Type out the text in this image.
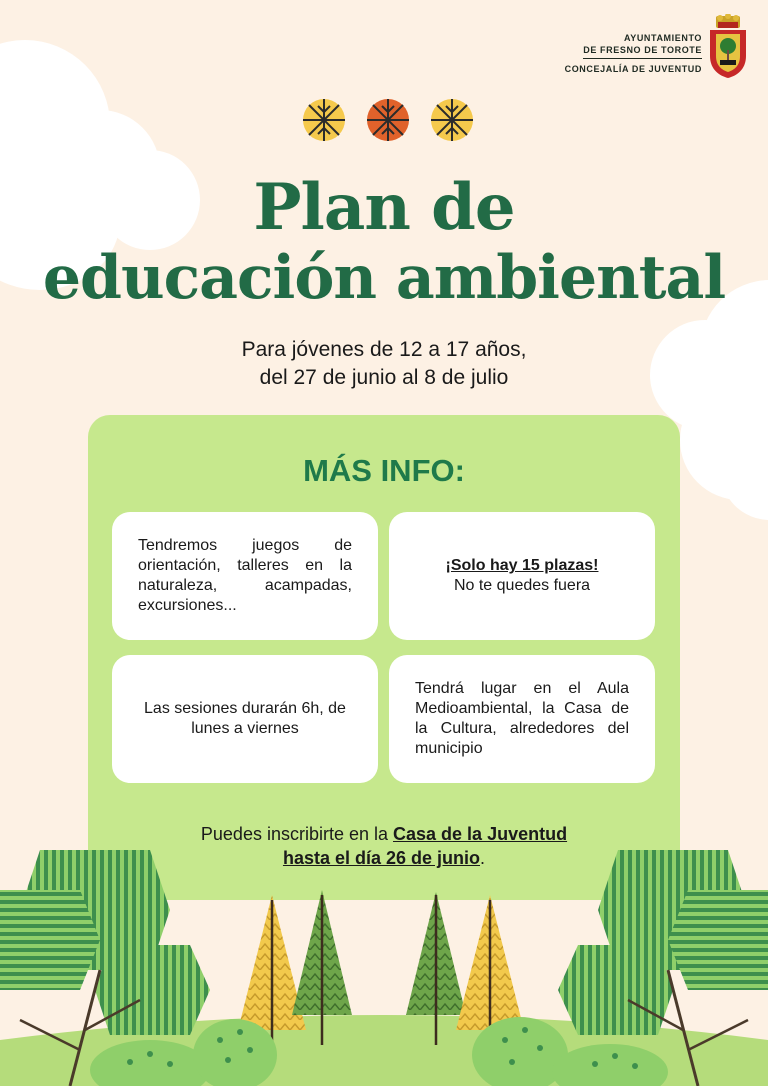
AYUNTAMIENTO
DE FRESNO DE TOROTE
CONCEJALÍA DE JUVENTUD
Plan de
educación ambiental
Para jóvenes de 12 a 17 años,
del 27 de junio al 8 de julio
MÁS INFO:
Tendremos juegos de orientación, talleres en la naturaleza, acampadas, excursiones...
¡Solo hay 15 plazas!
No te quedes fuera
Las sesiones durarán 6h, de lunes a viernes
Tendrá lugar en el Aula Medioambiental, la Casa de la Cultura, alrededores del municipio
Puedes inscribirte en la Casa de la Juventud
hasta el día 26 de junio.
